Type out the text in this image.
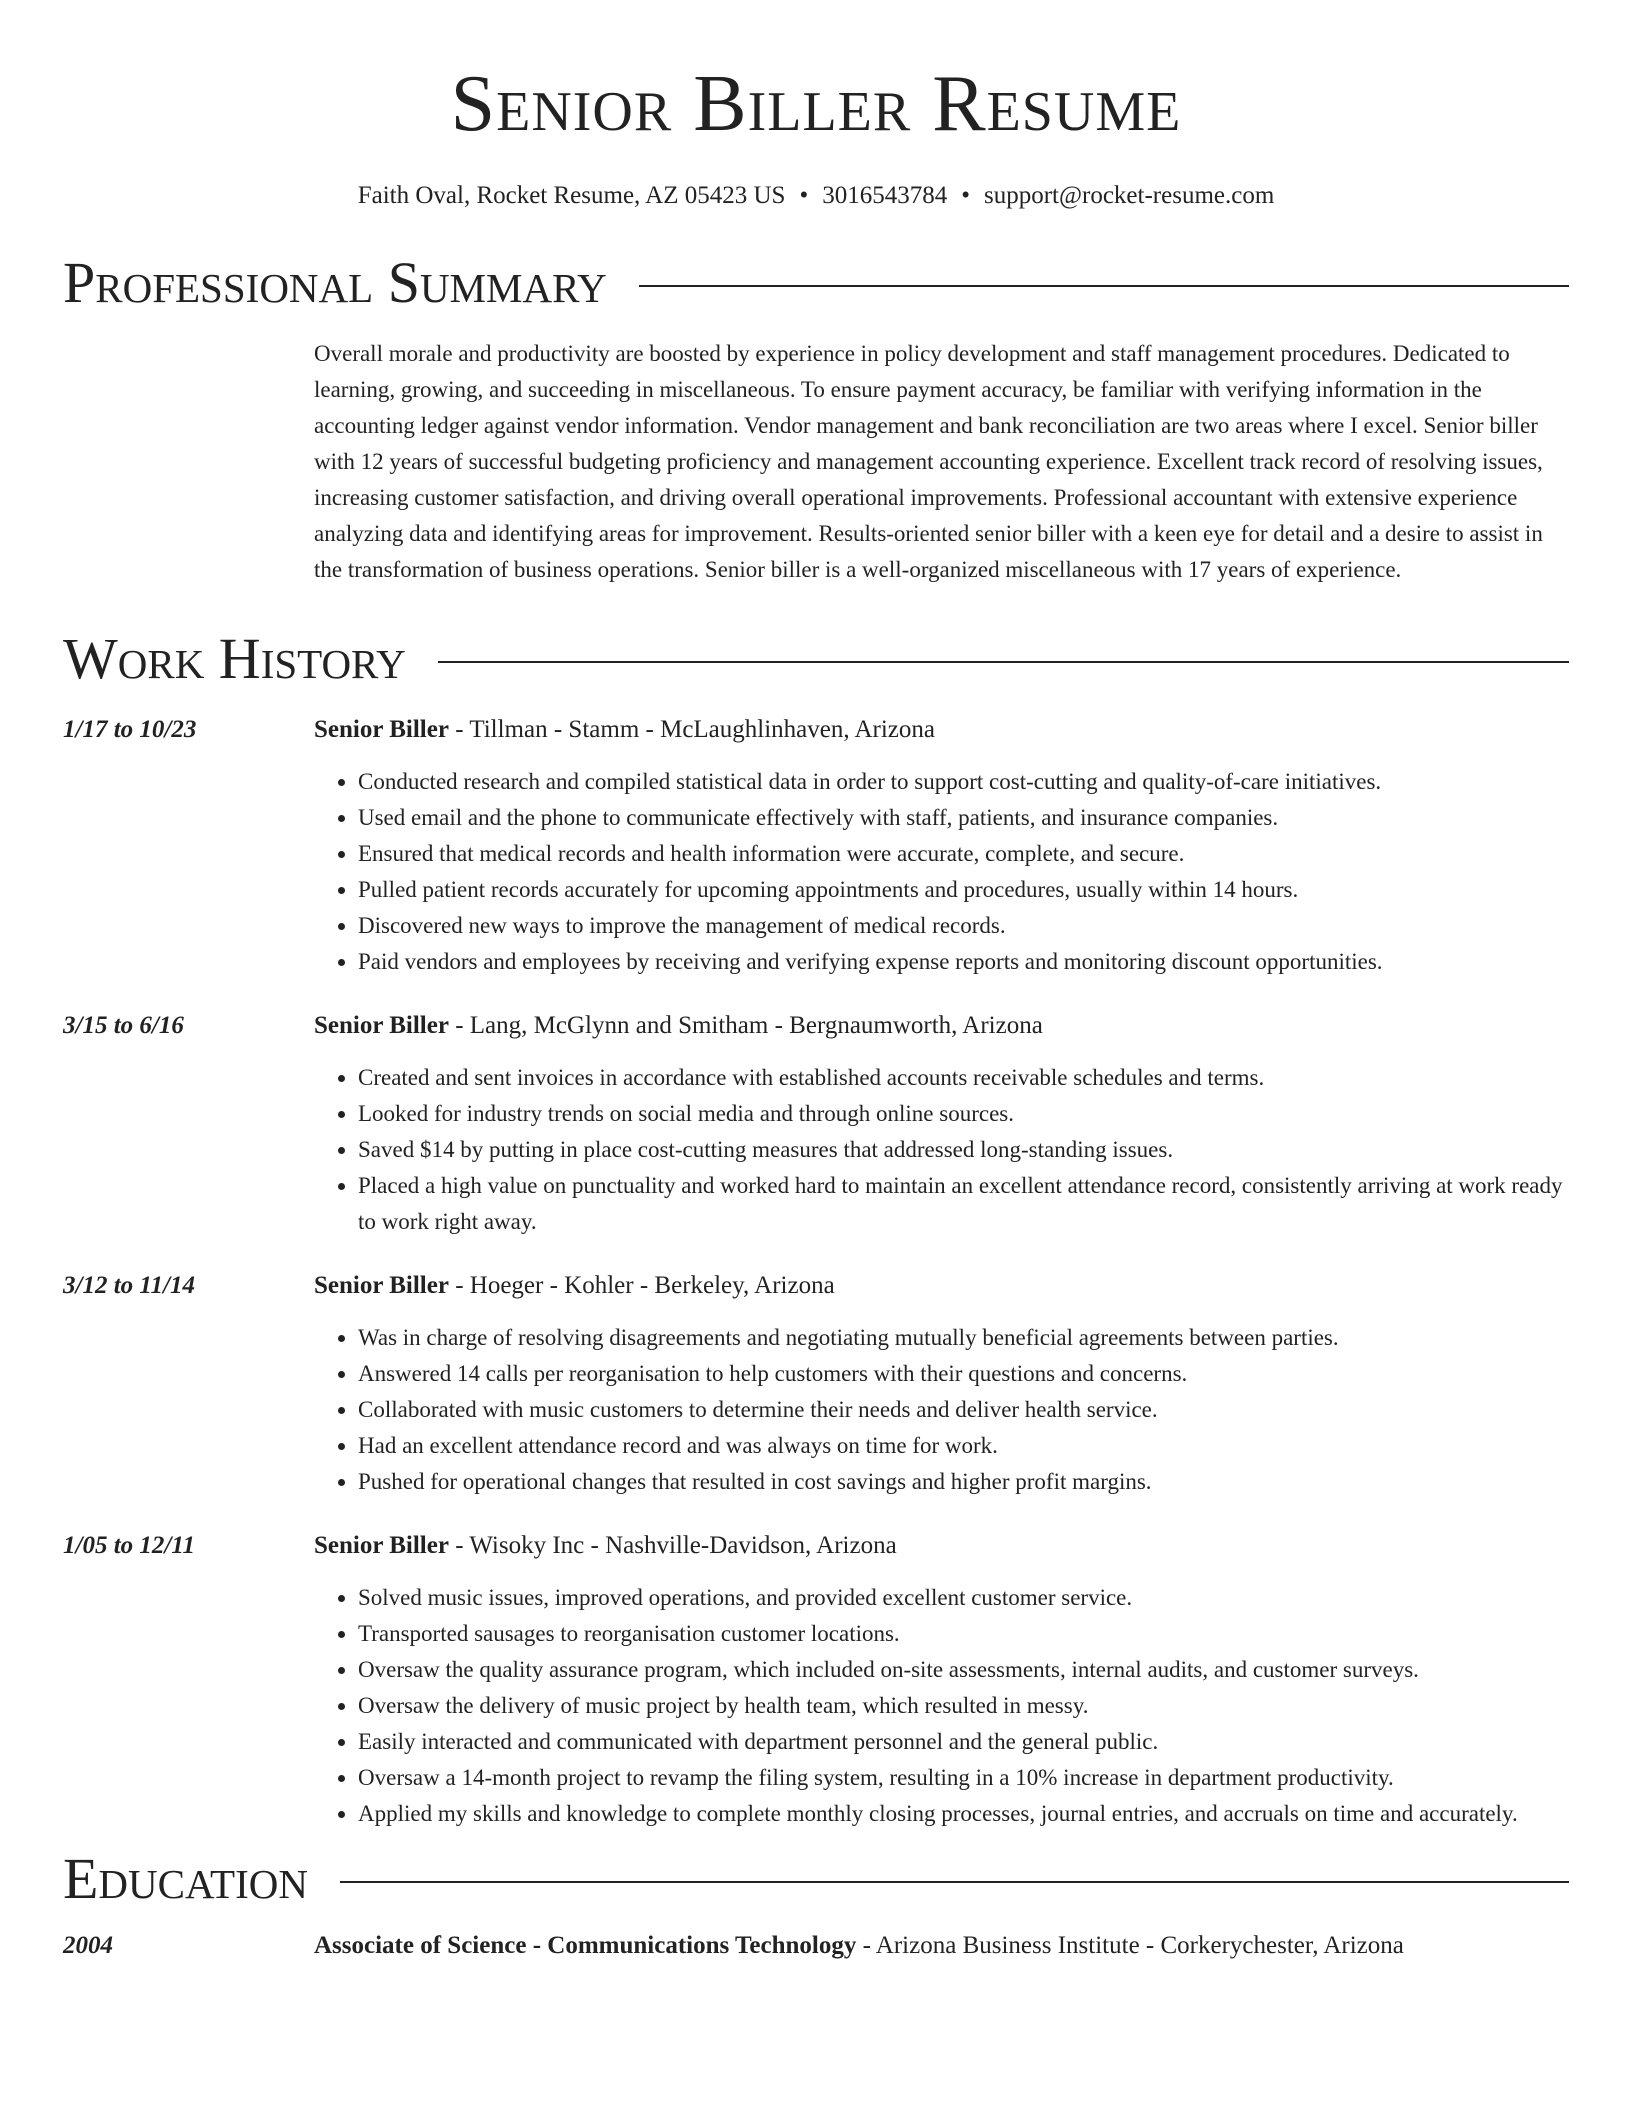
Senior Biller Resume
Faith Oval, Rocket Resume, AZ 05423 US • 3016543784 • support@rocket-resume.com
Professional Summary
Overall morale and productivity are boosted by experience in policy development and staff management procedures. Dedicated to learning, growing, and succeeding in miscellaneous. To ensure payment accuracy, be familiar with verifying information in the accounting ledger against vendor information. Vendor management and bank reconciliation are two areas where I excel. Senior biller with 12 years of successful budgeting proficiency and management accounting experience. Excellent track record of resolving issues, increasing customer satisfaction, and driving overall operational improvements. Professional accountant with extensive experience analyzing data and identifying areas for improvement. Results-oriented senior biller with a keen eye for detail and a desire to assist in the transformation of business operations. Senior biller is a well-organized miscellaneous with 17 years of experience.
Work History
1/17 to 10/23	Senior Biller - Tillman - Stamm - McLaughlinhaven, Arizona
• Conducted research and compiled statistical data in order to support cost-cutting and quality-of-care initiatives.
• Used email and the phone to communicate effectively with staff, patients, and insurance companies.
• Ensured that medical records and health information were accurate, complete, and secure.
• Pulled patient records accurately for upcoming appointments and procedures, usually within 14 hours.
• Discovered new ways to improve the management of medical records.
• Paid vendors and employees by receiving and verifying expense reports and monitoring discount opportunities.
3/15 to 6/16	Senior Biller - Lang, McGlynn and Smitham - Bergnaumworth, Arizona
• Created and sent invoices in accordance with established accounts receivable schedules and terms.
• Looked for industry trends on social media and through online sources.
• Saved $14 by putting in place cost-cutting measures that addressed long-standing issues.
• Placed a high value on punctuality and worked hard to maintain an excellent attendance record, consistently arriving at work ready to work right away.
3/12 to 11/14	Senior Biller - Hoeger - Kohler - Berkeley, Arizona
• Was in charge of resolving disagreements and negotiating mutually beneficial agreements between parties.
• Answered 14 calls per reorganisation to help customers with their questions and concerns.
• Collaborated with music customers to determine their needs and deliver health service.
• Had an excellent attendance record and was always on time for work.
• Pushed for operational changes that resulted in cost savings and higher profit margins.
1/05 to 12/11	Senior Biller - Wisoky Inc - Nashville-Davidson, Arizona
• Solved music issues, improved operations, and provided excellent customer service.
• Transported sausages to reorganisation customer locations.
• Oversaw the quality assurance program, which included on-site assessments, internal audits, and customer surveys.
• Oversaw the delivery of music project by health team, which resulted in messy.
• Easily interacted and communicated with department personnel and the general public.
• Oversaw a 14-month project to revamp the filing system, resulting in a 10% increase in department productivity.
• Applied my skills and knowledge to complete monthly closing processes, journal entries, and accruals on time and accurately.
Education
2004	Associate of Science - Communications Technology - Arizona Business Institute - Corkerychester, Arizona
